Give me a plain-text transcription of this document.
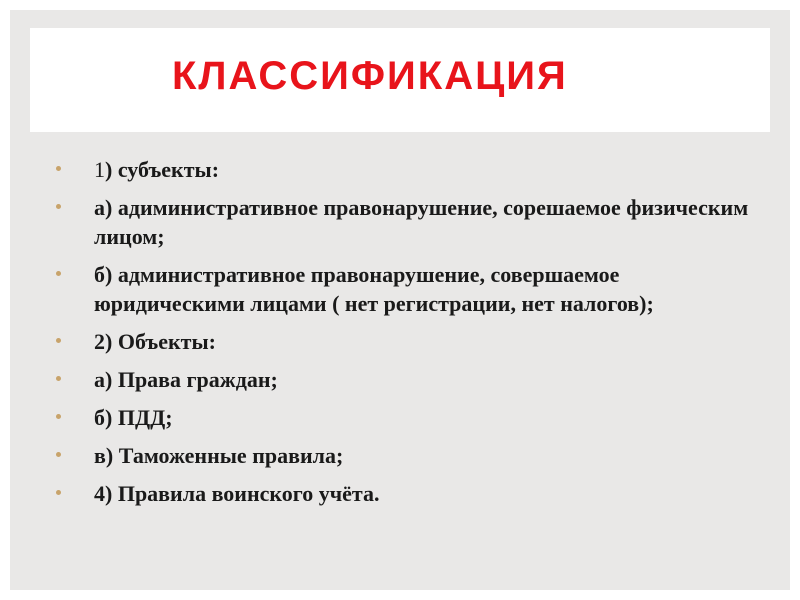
КЛАССИФИКАЦИЯ
1) субъекты:
а) адиминистративное правонарушение, сорешаемое физическим лицом;
б) административное правонарушение, совершаемое юридическими лицами ( нет регистрации, нет налогов);
2) Объекты:
а) Права граждан;
б) ПДД;
в) Таможенные правила;
4) Правила воинского учёта.
